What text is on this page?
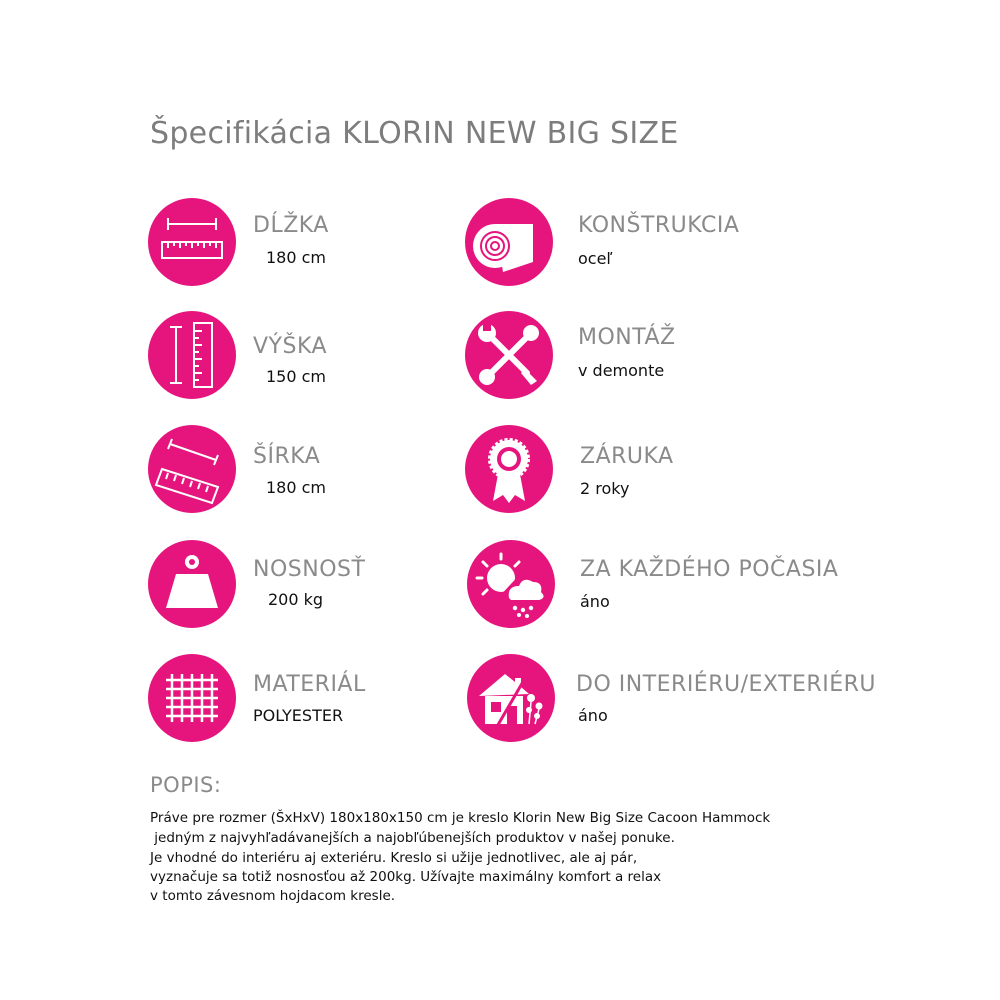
Špecifikácia KLORIN NEW BIG SIZE
DĹŽKA
180 cm
VÝŠKA
150 cm
ŠÍRKA
180 cm
NOSNOSŤ
200 kg
MATERIÁL
POLYESTER
KONŠTRUKCIA
oceľ
MONTÁŽ
v demonte
ZÁRUKA
2 roky
ZA KAŽDÉHO POČASIA
áno
DO INTERIÉRU/EXTERIÉRU
áno
POPIS:
Práve pre rozmer (ŠxHxV) 180x180x150 cm je kreslo Klorin New Big Size Cacoon Hammock
jedným z najvyhľadávanejších a najobľúbenejších produktov v našej ponuke.
Je vhodné do interiéru aj exteriéru. Kreslo si užije jednotlivec, ale aj pár,
vyznačuje sa totiž nosnosťou až 200kg. Užívajte maximálny komfort a relax
v tomto závesnom hojdacom kresle.
